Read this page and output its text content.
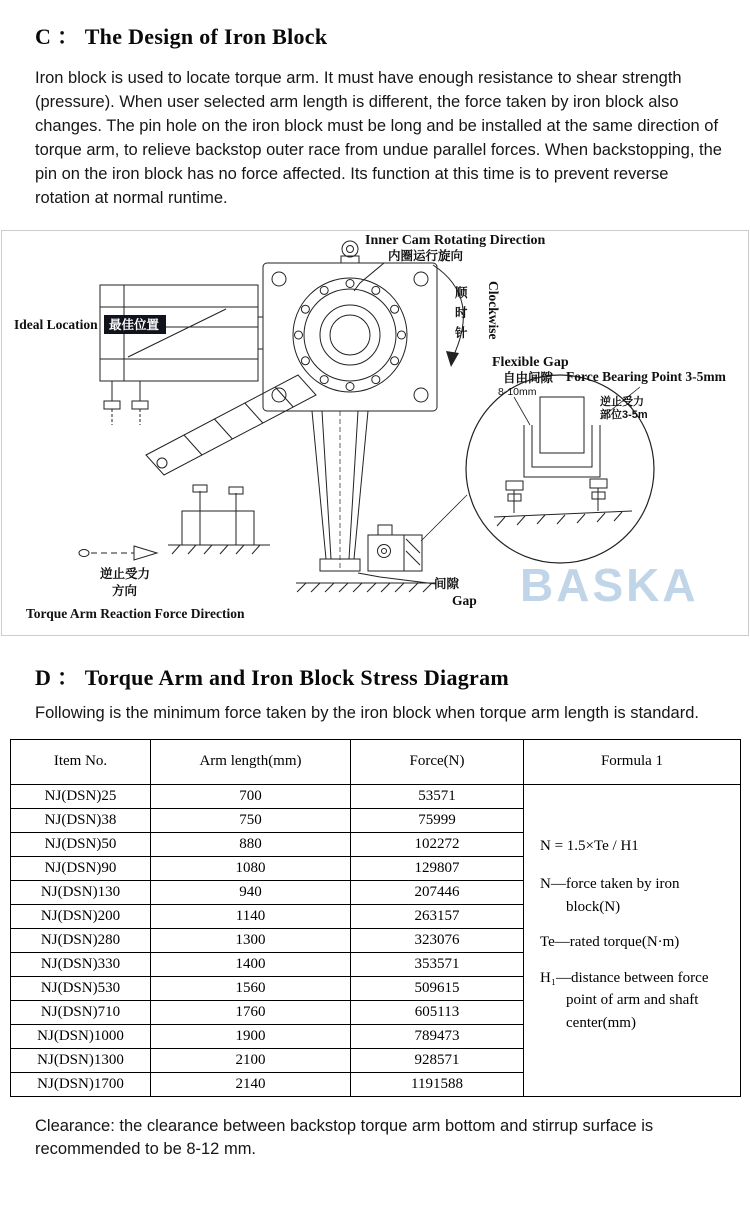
C ： The Design of Iron Block

Iron block is used to locate torque arm. It must have enough resistance to shear strength (pressure). When user selected arm length is different, the force taken by iron block also changes. The pin hole on the iron block must be long and be installed at the same direction of torque arm, to relieve backstop outer race from undue parallel forces. When backstopping, the pin on the iron block has no force affected. Its function at this time is to prevent reverse rotation at normal runtime.

BASKA
Inner Cam Rotating Direction
内圈运行旋向
Ideal Location 最佳位置
顺
时
针 Clockwise
Flexible Gap
自由间隙
8-10mm
Force Bearing Point 3-5mm
逆止受力
部位3-5m
逆止受力
方向
Torque Arm Reaction Force Direction
间隙
Gap
D ： Torque Arm and Iron Block Stress Diagram

Following is the minimum force taken by the iron block when torque arm length is standard.

Item No.	Arm length(mm)	Force(N)	Formula 1
NJ(DSN)25	700	53571	N = 1.5×Te / H1

N—force taken by iron block(N)

Te—rated torque(N·m)

H₁—distance between force point of arm and shaft center(mm)

NJ(DSN)38	750	75999	
NJ(DSN)50	880	102272	
NJ(DSN)90	1080	129807	
NJ(DSN)130	940	207446	
NJ(DSN)200	1140	263157	
NJ(DSN)280	1300	323076	
NJ(DSN)330	1400	353571	
NJ(DSN)530	1560	509615	
NJ(DSN)710	1760	605113	
NJ(DSN)1000	1900	789473	
NJ(DSN)1300	2100	928571	
NJ(DSN)1700	2140	1191588	

Clearance: the clearance between backstop torque arm bottom and stirrup surface is recommended to be 8-12 mm.
